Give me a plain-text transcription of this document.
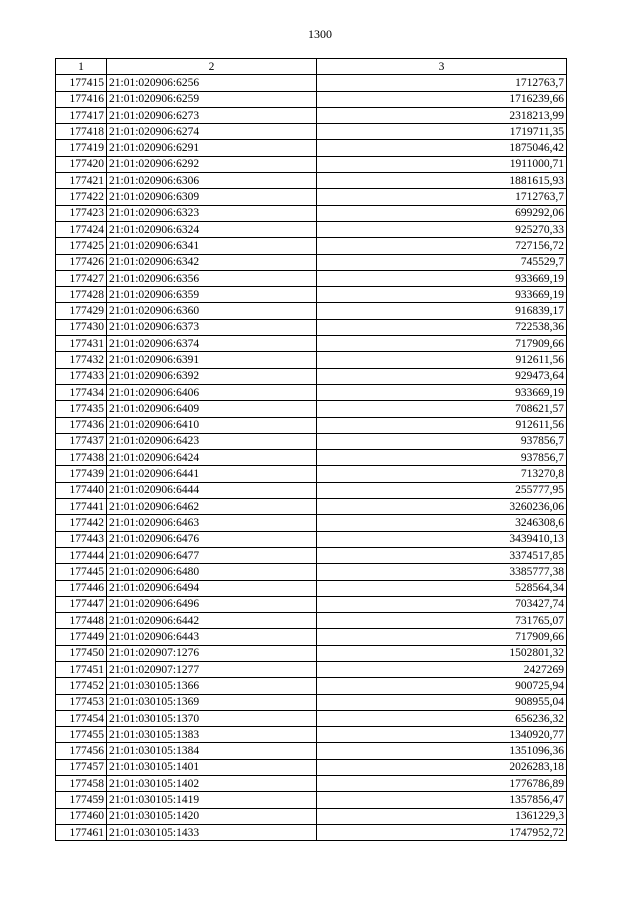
1300
1	2	3
177415	21:01:020906:6256	1712763,7
177416	21:01:020906:6259	1716239,66
177417	21:01:020906:6273	2318213,99
177418	21:01:020906:6274	1719711,35
177419	21:01:020906:6291	1875046,42
177420	21:01:020906:6292	1911000,71
177421	21:01:020906:6306	1881615,93
177422	21:01:020906:6309	1712763,7
177423	21:01:020906:6323	699292,06
177424	21:01:020906:6324	925270,33
177425	21:01:020906:6341	727156,72
177426	21:01:020906:6342	745529,7
177427	21:01:020906:6356	933669,19
177428	21:01:020906:6359	933669,19
177429	21:01:020906:6360	916839,17
177430	21:01:020906:6373	722538,36
177431	21:01:020906:6374	717909,66
177432	21:01:020906:6391	912611,56
177433	21:01:020906:6392	929473,64
177434	21:01:020906:6406	933669,19
177435	21:01:020906:6409	708621,57
177436	21:01:020906:6410	912611,56
177437	21:01:020906:6423	937856,7
177438	21:01:020906:6424	937856,7
177439	21:01:020906:6441	713270,8
177440	21:01:020906:6444	255777,95
177441	21:01:020906:6462	3260236,06
177442	21:01:020906:6463	3246308,6
177443	21:01:020906:6476	3439410,13
177444	21:01:020906:6477	3374517,85
177445	21:01:020906:6480	3385777,38
177446	21:01:020906:6494	528564,34
177447	21:01:020906:6496	703427,74
177448	21:01:020906:6442	731765,07
177449	21:01:020906:6443	717909,66
177450	21:01:020907:1276	1502801,32
177451	21:01:020907:1277	2427269
177452	21:01:030105:1366	900725,94
177453	21:01:030105:1369	908955,04
177454	21:01:030105:1370	656236,32
177455	21:01:030105:1383	1340920,77
177456	21:01:030105:1384	1351096,36
177457	21:01:030105:1401	2026283,18
177458	21:01:030105:1402	1776786,89
177459	21:01:030105:1419	1357856,47
177460	21:01:030105:1420	1361229,3
177461	21:01:030105:1433	1747952,72
